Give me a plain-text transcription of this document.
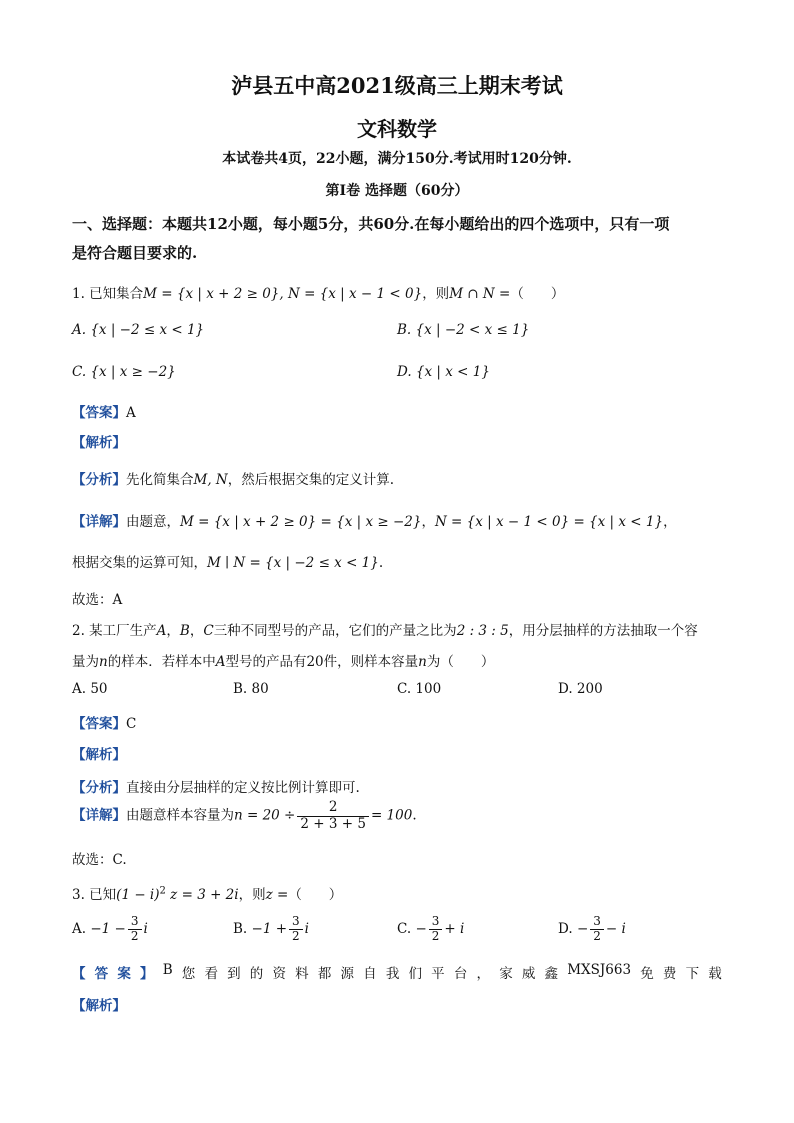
泸县五中高2021级高三上期末考试
文科数学
本试卷共4页，22小题，满分150分.考试用时120分钟.
第I卷 选择题（60分）
一、选择题：本题共12小题，每小题5分，共60分.在每小题给出的四个选项中，只有一项
是符合题目要求的.
1. 已知集合M = {x | x + 2 ≥ 0}, N = {x | x − 1 < 0}，则M ∩ N =（　　）
A. {x | −2 ≤ x < 1}	B. {x | −2 < x ≤ 1}
C. {x | x ≥ −2}	D. {x | x < 1}
【答案】A
【解析】
【分析】先化简集合M, N，然后根据交集的定义计算.
【详解】由题意，M = {x | x + 2 ≥ 0} = {x | x ≥ −2}，N = {x | x − 1 < 0} = {x | x < 1}，
根据交集的运算可知，M ∣ N = {x | −2 ≤ x < 1}.
故选：A
2. 某工厂生产A，B，C三种不同型号的产品，它们的产量之比为2 : 3 : 5，用分层抽样的方法抽取一个容
量为n的样本．若样本中A型号的产品有20件，则样本容量n为（　　）
A. 50	B. 80	C. 100	D. 200
【答案】C
【解析】
【分析】直接由分层抽样的定义按比例计算即可.
【详解】由题意样本容量为$n = 20 \div \frac{2}{2 + 3 + 5} = 100$.
故选：C.
3. 已知$(1 - i)^2$ z = 3 + 2i，则z =（　　）
A. $-1 - \frac{3}{2}$ i	B. $-1 + \frac{3}{2}$ i	C. − $\frac{3}{2} + i$	D. − $\frac{3}{2} - i$
【 答 案 】 B 您 看 到 的 资 料 都 源 自 我 们 平 台 ， 家 威 鑫 MXSJ663 免 费 下 载
【解析】
